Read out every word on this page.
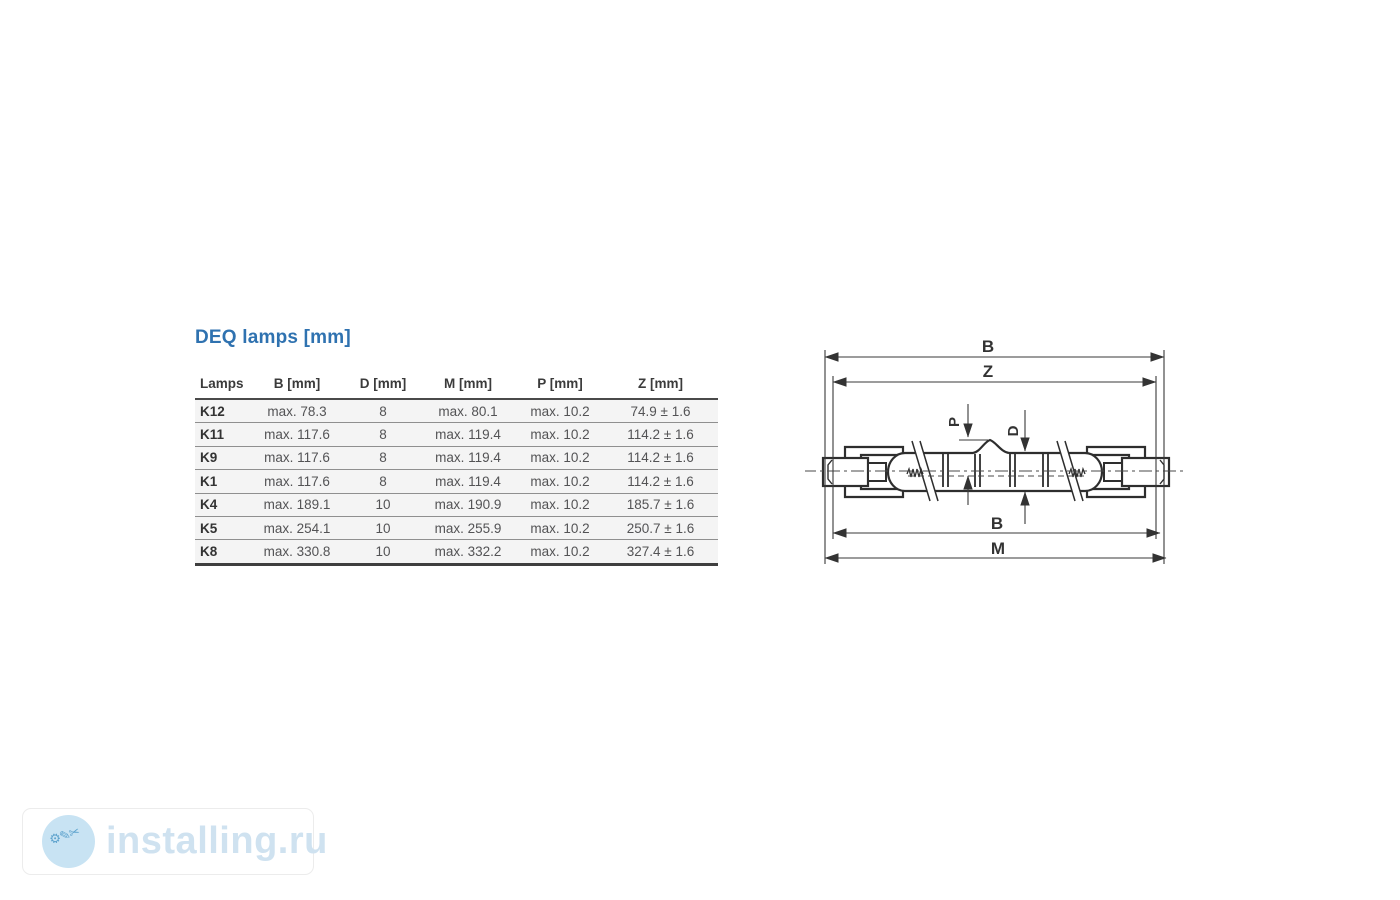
DEQ lamps [mm]
Lamps	B [mm]	D [mm]	M [mm]	P [mm]	Z [mm]
K12	max. 78.3	8	max. 80.1	max. 10.2	74.9 ± 1.6
K11	max. 117.6	8	max. 119.4	max. 10.2	114.2 ± 1.6
K9	max. 117.6	8	max. 119.4	max. 10.2	114.2 ± 1.6
K1	max. 117.6	8	max. 119.4	max. 10.2	114.2 ± 1.6
K4	max. 189.1	10	max. 190.9	max. 10.2	185.7 ± 1.6
K5	max. 254.1	10	max. 255.9	max. 10.2	250.7 ± 1.6
K8	max. 330.8	10	max. 332.2	max. 10.2	327.4 ± 1.6
B
Z
B
M
P
D
⚙✎✂ installing.ru
